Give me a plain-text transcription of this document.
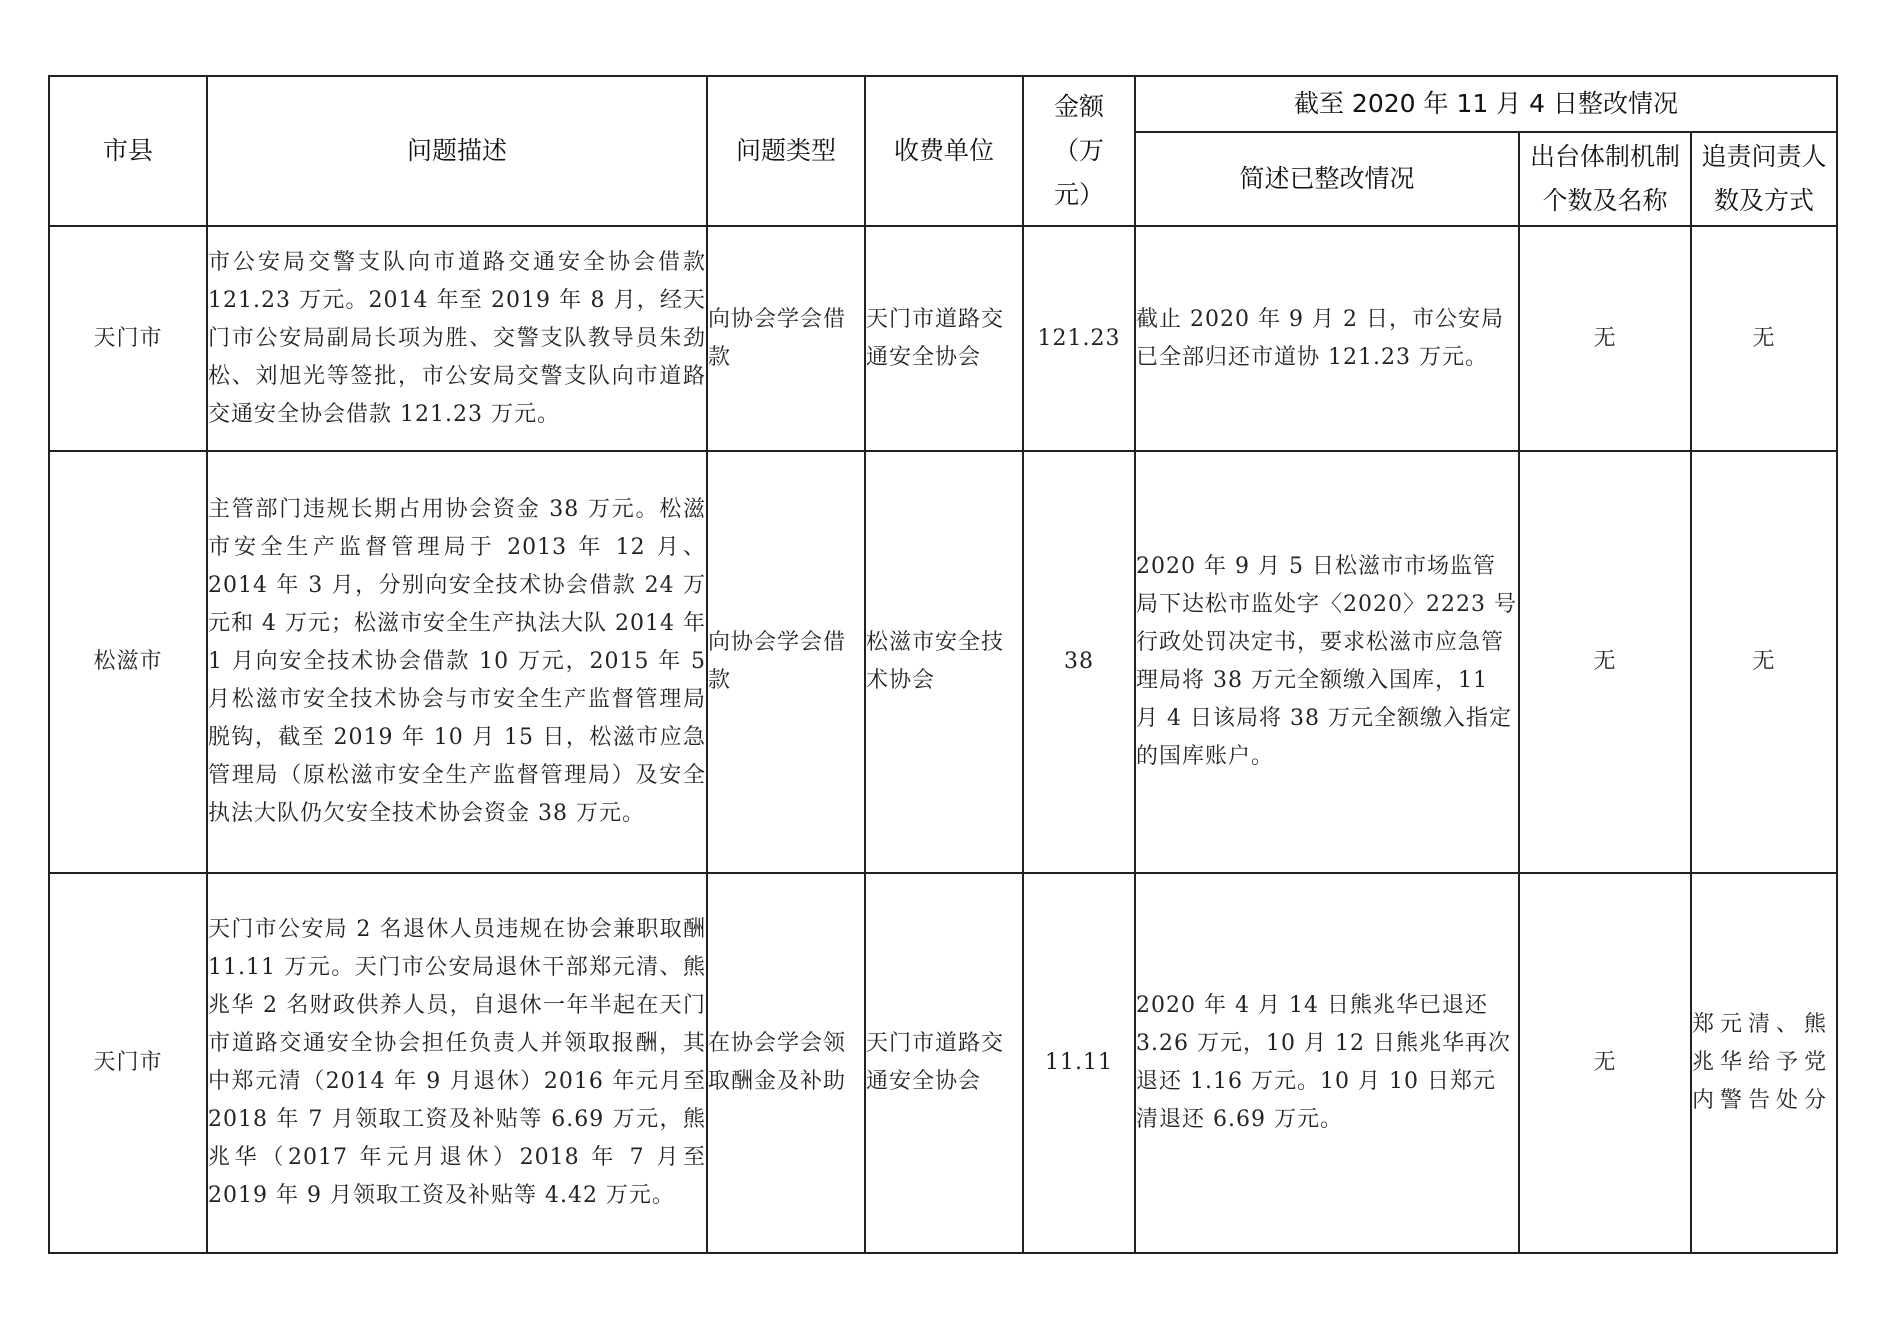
市县	问题描述	问题类型	收费单位	金额（万元）	截至 2020 年 11 月 4 日整改情况		
					简述已整改情况	出台体制机制个数及名称	追责问责人数及方式
天门市	市公安局交警支队向市道路交通安全协会借款 121.23 万元。2014 年至 2019 年 8 月，经天门市公安局副局长项为胜、交警支队教导员朱劲松、刘旭光等签批，市公安局交警支队向市道路交通安全协会借款 121.23 万元。	向协会学会借款	天门市道路交通安全协会	121.23	截止 2020 年 9 月 2 日，市公安局已全部归还市道协 121.23 万元。	无	无
松滋市	主管部门违规长期占用协会资金 38 万元。松滋市安全生产监督管理局于 2013 年 12 月、2014 年 3 月，分别向安全技术协会借款 24 万元和 4 万元；松滋市安全生产执法大队 2014 年 1 月向安全技术协会借款 10 万元，2015 年 5 月松滋市安全技术协会与市安全生产监督管理局脱钩，截至 2019 年 10 月 15 日，松滋市应急管理局（原松滋市安全生产监督管理局）及安全执法大队仍欠安全技术协会资金 38 万元。	向协会学会借款	松滋市安全技术协会	38	2020 年 9 月 5 日松滋市市场监管局下达松市监处字〈2020〉2223 号行政处罚决定书，要求松滋市应急管理局将 38 万元全额缴入国库，11 月 4 日该局将 38 万元全额缴入指定的国库账户。	无	无
天门市	天门市公安局 2 名退休人员违规在协会兼职取酬 11.11 万元。天门市公安局退休干部郑元清、熊兆华 2 名财政供养人员，自退休一年半起在天门市道路交通安全协会担任负责人并领取报酬，其中郑元清（2014 年 9 月退休）2016 年元月至 2018 年 7 月领取工资及补贴等 6.69 万元，熊兆华（2017 年元月退休）2018 年 7 月至 2019 年 9 月领取工资及补贴等 4.42 万元。	在协会学会领取酬金及补助	天门市道路交通安全协会	11.11	2020 年 4 月 14 日熊兆华已退还 3.26 万元，10 月 12 日熊兆华再次退还 1.16 万元。10 月 10 日郑元清退还 6.69 万元。	无	郑元清、熊兆华给予党内警告处分
